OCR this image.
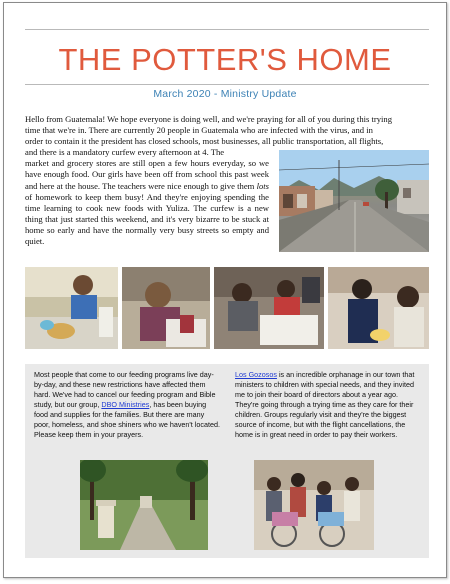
THE POTTER'S HOME
March 2020 - Ministry Update
Hello from Guatemala! We hope everyone is doing well, and we're praying for all of you during this trying
time that we're in. There are currently 20 people in Guatemala who are infected with the virus, and in
order to contain it the president has closed schools, most businesses, all public transportation, all flights,
and there is a mandatory curfew every afternoon at 4. The
market and grocery stores are still open a few hours everyday, so we have enough food. Our girls have been off from school this past week and here at the house. The teachers were nice enough to give them lots of homework to keep them busy! And they're enjoying spending the time learning to cook new foods with Yuliza. The curfew is a new thing that just started this weekend, and it's very bizarre to be stuck at home so early and have the normally very busy streets so empty and quiet.
Most people that come to our feeding programs live day-by-day, and these new restrictions have affected them hard. We've had to cancel our feeding program and Bible study, but our group, DBO Ministries, has been buying food and supplies for the families. But there are many poor, homeless, and shoe shiners who we haven't located. Please keep them in your prayers.
Los Gozosos is an incredible orphanage in our town that ministers to children with special needs, and they invited me to join their board of directors about a year ago. They're going through a trying time as they care for their children. Groups regularly visit and they're the biggest source of income, but with the flight cancellations, the home is in great need in order to pay their workers.
